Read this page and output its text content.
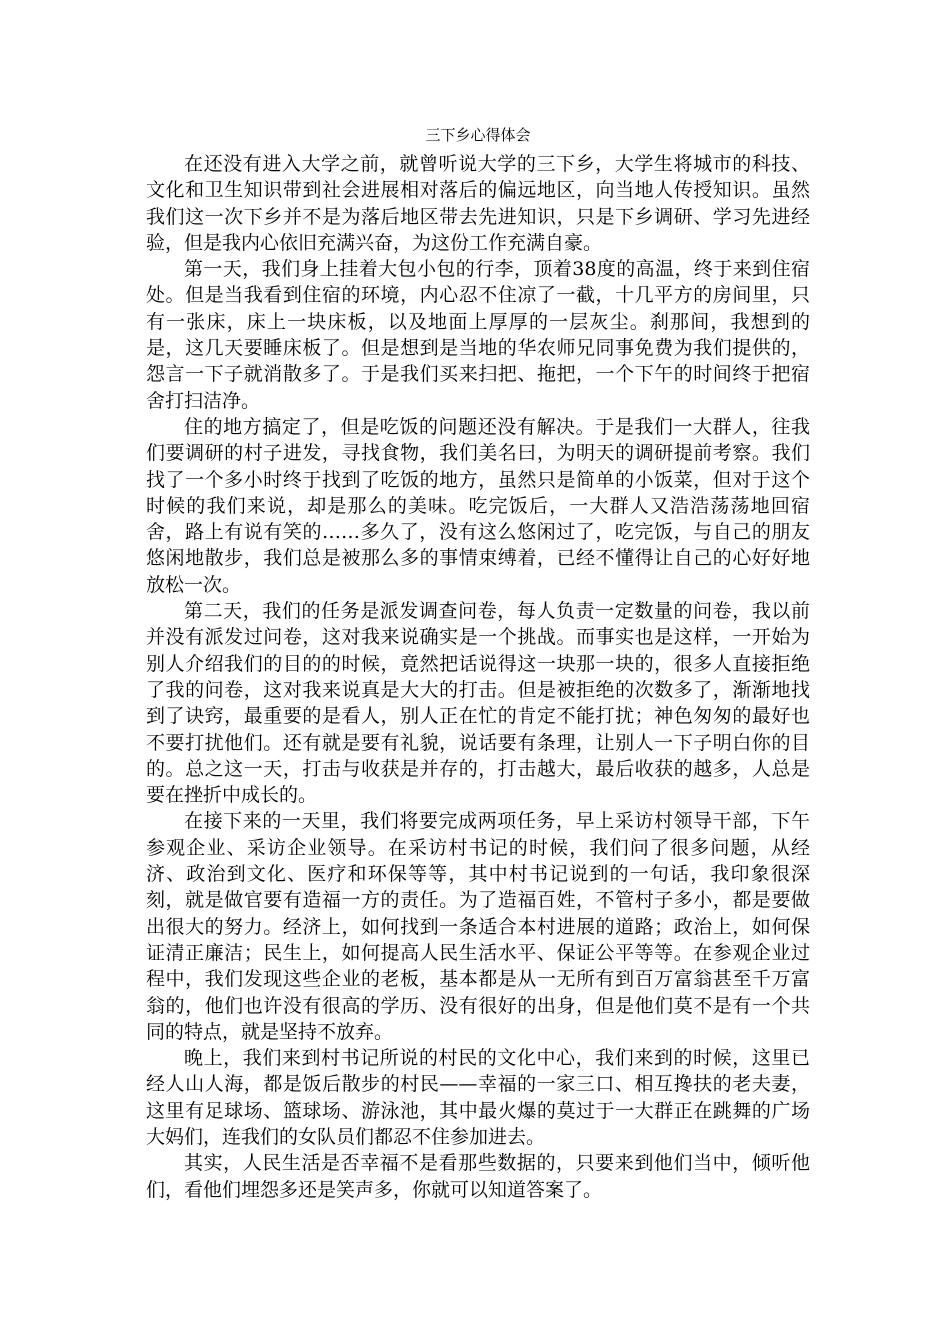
三下乡心得体会

在还没有进入大学之前，就曾听说大学的三下乡，大学生将城市的科技、文化和卫生知识带到社会进展相对落后的偏远地区，向当地人传授知识。虽然我们这一次下乡并不是为落后地区带去先进知识，只是下乡调研、学习先进经验，但是我内心依旧充满兴奋，为这份工作充满自豪。

第一天，我们身上挂着大包小包的行李，顶着38度的高温，终于来到住宿处。但是当我看到住宿的环境，内心忍不住凉了一截，十几平方的房间里，只有一张床，床上一块床板，以及地面上厚厚的一层灰尘。刹那间，我想到的是，这几天要睡床板了。但是想到是当地的华农师兄同事免费为我们提供的，怨言一下子就消散多了。于是我们买来扫把、拖把，一个下午的时间终于把宿舍打扫洁净。

住的地方搞定了，但是吃饭的问题还没有解决。于是我们一大群人，往我们要调研的村子进发，寻找食物，我们美名曰，为明天的调研提前考察。我们找了一个多小时终于找到了吃饭的地方，虽然只是简单的小饭菜，但对于这个时候的我们来说，却是那么的美味。吃完饭后，一大群人又浩浩荡荡地回宿舍，路上有说有笑的……多久了，没有这么悠闲过了，吃完饭，与自己的朋友悠闲地散步，我们总是被那么多的事情束缚着，已经不懂得让自己的心好好地放松一次。

第二天，我们的任务是派发调查问卷，每人负责一定数量的问卷，我以前并没有派发过问卷，这对我来说确实是一个挑战。而事实也是这样，一开始为别人介绍我们的目的的时候，竟然把话说得这一块那一块的，很多人直接拒绝了我的问卷，这对我来说真是大大的打击。但是被拒绝的次数多了，渐渐地找到了诀窍，最重要的是看人，别人正在忙的肯定不能打扰；神色匆匆的最好也不要打扰他们。还有就是要有礼貌，说话要有条理，让别人一下子明白你的目的。总之这一天，打击与收获是并存的，打击越大，最后收获的越多，人总是要在挫折中成长的。

在接下来的一天里，我们将要完成两项任务，早上采访村领导干部，下午参观企业、采访企业领导。在采访村书记的时候，我们问了很多问题，从经济、政治到文化、医疗和环保等等，其中村书记说到的一句话，我印象很深刻，就是做官要有造福一方的责任。为了造福百姓，不管村子多小，都是要做出很大的努力。经济上，如何找到一条适合本村进展的道路；政治上，如何保证清正廉洁；民生上，如何提高人民生活水平、保证公平等等。在参观企业过程中，我们发现这些企业的老板，基本都是从一无所有到百万富翁甚至千万富翁的，他们也许没有很高的学历、没有很好的出身，但是他们莫不是有一个共同的特点，就是坚持不放弃。

晚上，我们来到村书记所说的村民的文化中心，我们来到的时候，这里已经人山人海，都是饭后散步的村民——幸福的一家三口、相互搀扶的老夫妻，这里有足球场、篮球场、游泳池，其中最火爆的莫过于一大群正在跳舞的广场大妈们，连我们的女队员们都忍不住参加进去。

其实，人民生活是否幸福不是看那些数据的，只要来到他们当中，倾听他们，看他们埋怨多还是笑声多，你就可以知道答案了。
